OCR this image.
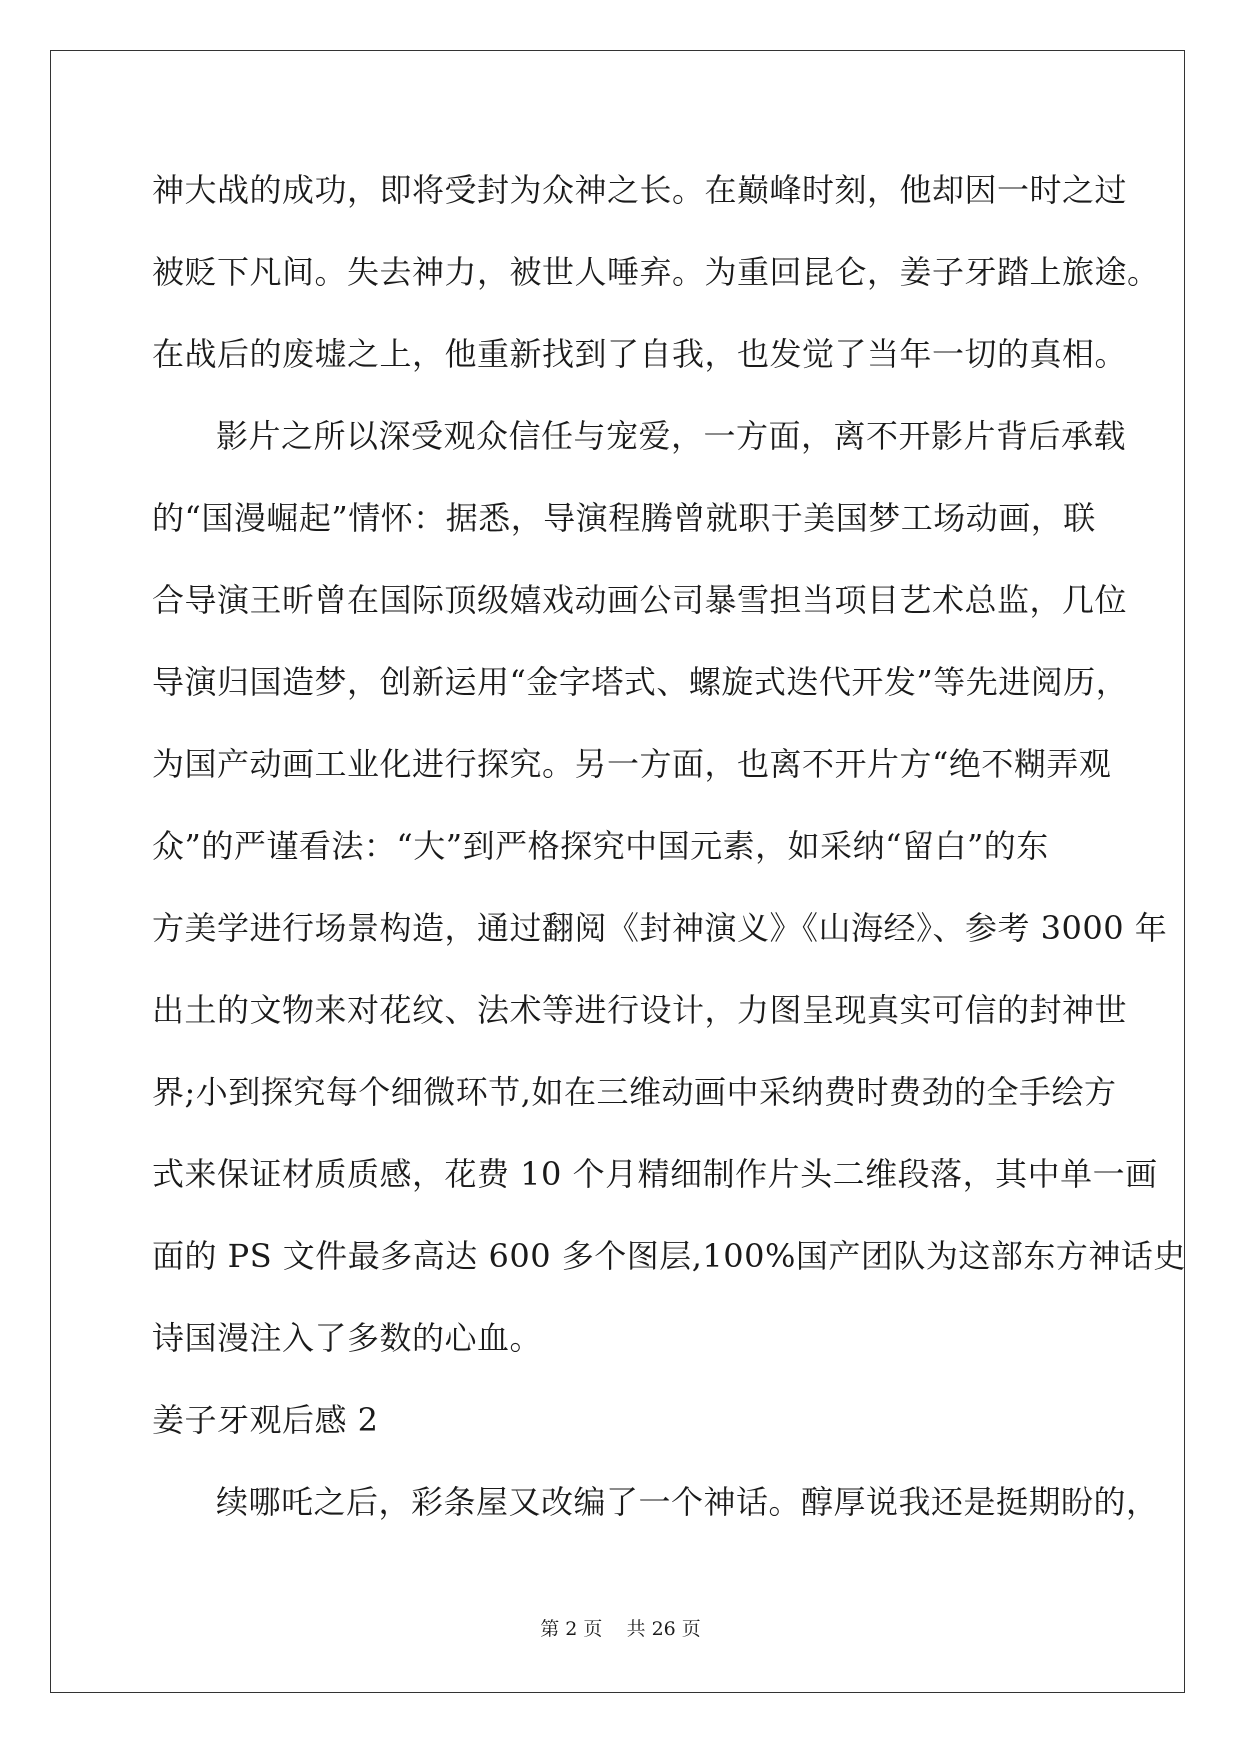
神大战的成功，即将受封为众神之长。在巅峰时刻，他却因一时之过
被贬下凡间。失去神力，被世人唾弃。为重回昆仑，姜子牙踏上旅途。
在战后的废墟之上，他重新找到了自我，也发觉了当年一切的真相。
影片之所以深受观众信任与宠爱，一方面，离不开影片背后承载
的“国漫崛起”情怀：据悉，导演程腾曾就职于美国梦工场动画，联
合导演王昕曾在国际顶级嬉戏动画公司暴雪担当项目艺术总监，几位
导演归国造梦，创新运用“金字塔式、螺旋式迭代开发”等先进阅历，
为国产动画工业化进行探究。另一方面，也离不开片方“绝不糊弄观
众”的严谨看法：“大”到严格探究中国元素，如采纳“留白”的东
方美学进行场景构造，通过翻阅《封神演义》《山海经》、参考 3000 年
出土的文物来对花纹、法术等进行设计，力图呈现真实可信的封神世
界;小到探究每个细微环节,如在三维动画中采纳费时费劲的全手绘方
式来保证材质质感，花费 10 个月精细制作片头二维段落，其中单一画
面的 PS 文件最多高达 600 多个图层,100%国产团队为这部东方神话史
诗国漫注入了多数的心血。
姜子牙观后感 2
续哪吒之后，彩条屋又改编了一个神话。醇厚说我还是挺期盼的，
第 2 页    共 26 页
